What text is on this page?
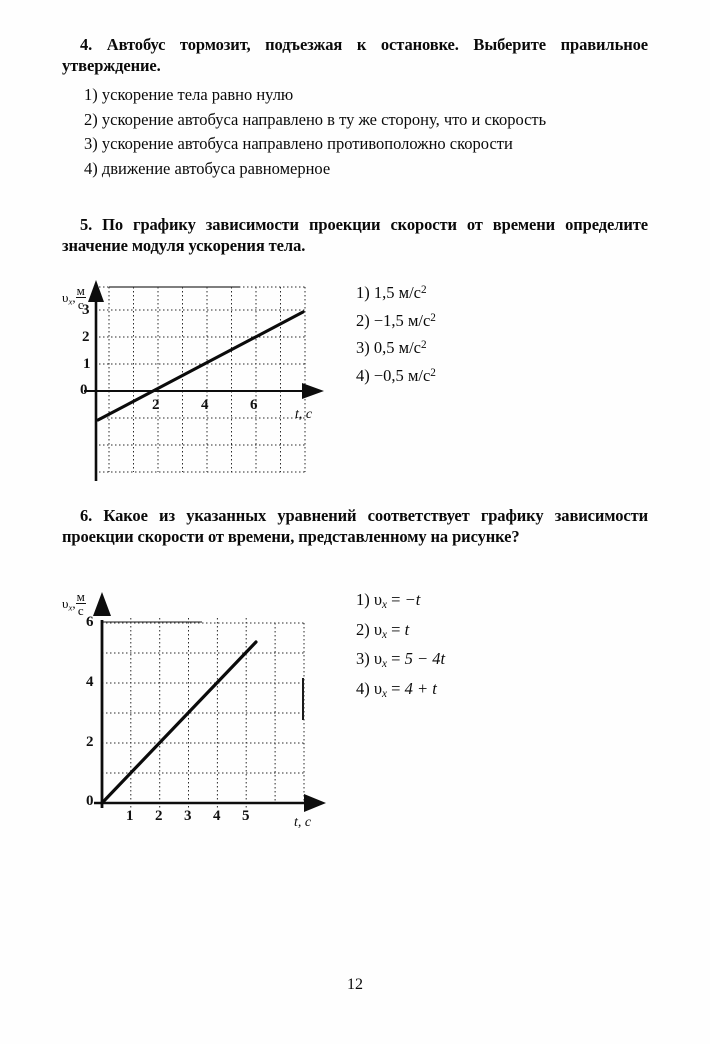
4. Автобус тормозит, подъезжая к остановке. Выберите правильное утверждение.
1) ускорение тела равно нулю
2) ускорение автобуса направлено в ту же сторону, что и скорость
3) ускорение автобуса направлено противоположно скорости
4) движение автобуса равномерное
5. По графику зависимости проекции скорости от времени определите значение модуля ускорения тела.
1) 1,5 $м/с^2$
2) −1,5 $м/с^2$
3) 0,5 $м/с^2$
4) −0,5 $м/с^2$
$\upsilon_x$, $\frac{м}{с}$
3
2
1
0
2	4	6
t, с
6. Какое из указанных уравнений соответствует графику зависимости проекции скорости от времени, представленному на рисунке?
1) $\upsilon_x = -t$
2) $\upsilon_x = t$
3) $\upsilon_x = 5 - 4t$
4) $\upsilon_x = 4 + t$
$\upsilon_x$, $\frac{м}{с}$
6
4
2
0
1 2 3 4 5	t, с
12
